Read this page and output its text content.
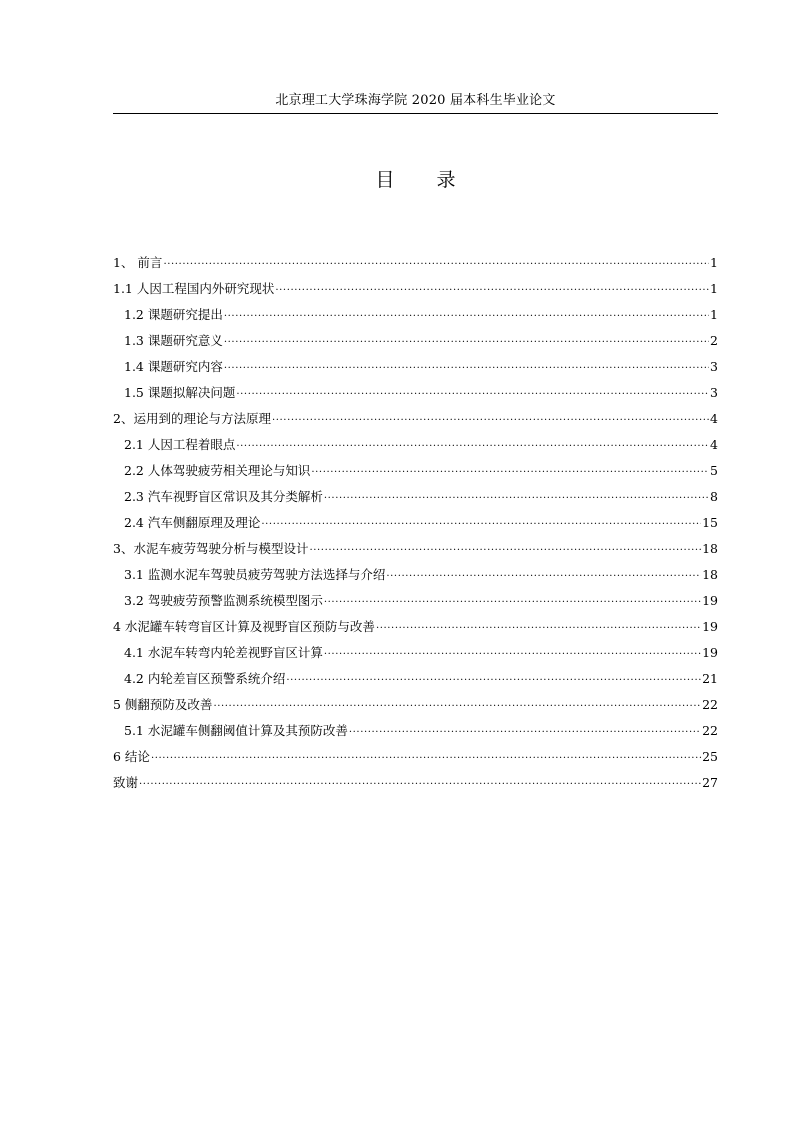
北京理工大学珠海学院 2020 届本科生毕业论文
目 录
1、 前言 .....	1
1.1 人因工程国内外研究现状 .....	1
1.2 课题研究提出 .....	1
1.3 课题研究意义 .....	2
1.4 课题研究内容 .....	3
1.5 课题拟解决问题 .....	3
2、运用到的理论与方法原理 .....	4
2.1 人因工程着眼点 .....	4
2.2 人体驾驶疲劳相关理论与知识 .....	5
2.3 汽车视野盲区常识及其分类解析 .....	8
2.4 汽车侧翻原理及理论 .....	15
3、水泥车疲劳驾驶分析与模型设计 .....	18
3.1 监测水泥车驾驶员疲劳驾驶方法选择与介绍 .....	18
3.2 驾驶疲劳预警监测系统模型图示 .....	19
4 水泥罐车转弯盲区计算及视野盲区预防与改善 .....	19
4.1 水泥车转弯内轮差视野盲区计算 .....	19
4.2 内轮差盲区预警系统介绍 .....	21
5 侧翻预防及改善 .....	22
5.1 水泥罐车侧翻阈值计算及其预防改善 .....	22
6 结论 .....	25
致谢 .....	27
